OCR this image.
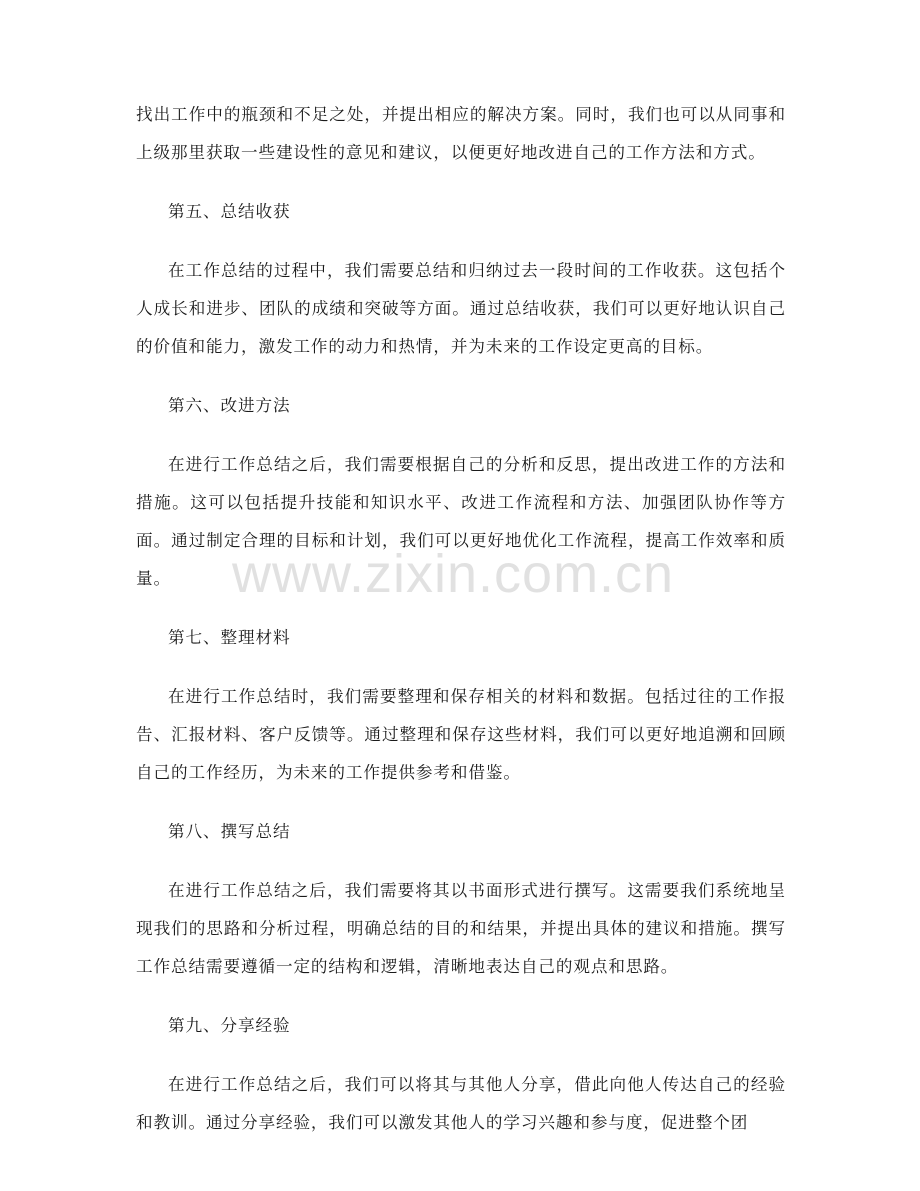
找出工作中的瓶颈和不足之处，并提出相应的解决方案。同时，我们也可以从同事和上级那里获取一些建设性的意见和建议，以便更好地改进自己的工作方法和方式。

第五、总结收获

在工作总结的过程中，我们需要总结和归纳过去一段时间的工作收获。这包括个人成长和进步、团队的成绩和突破等方面。通过总结收获，我们可以更好地认识自己的价值和能力，激发工作的动力和热情，并为未来的工作设定更高的目标。

第六、改进方法

在进行工作总结之后，我们需要根据自己的分析和反思，提出改进工作的方法和措施。这可以包括提升技能和知识水平、改进工作流程和方法、加强团队协作等方面。通过制定合理的目标和计划，我们可以更好地优化工作流程，提高工作效率和质量。

第七、整理材料

在进行工作总结时，我们需要整理和保存相关的材料和数据。包括过往的工作报告、汇报材料、客户反馈等。通过整理和保存这些材料，我们可以更好地追溯和回顾自己的工作经历，为未来的工作提供参考和借鉴。

第八、撰写总结

在进行工作总结之后，我们需要将其以书面形式进行撰写。这需要我们系统地呈现我们的思路和分析过程，明确总结的目的和结果，并提出具体的建议和措施。撰写工作总结需要遵循一定的结构和逻辑，清晰地表达自己的观点和思路。

第九、分享经验

在进行工作总结之后，我们可以将其与其他人分享，借此向他人传达自己的经验和教训。通过分享经验，我们可以激发其他人的学习兴趣和参与度，促进整个团

www.zixin.com.cn
